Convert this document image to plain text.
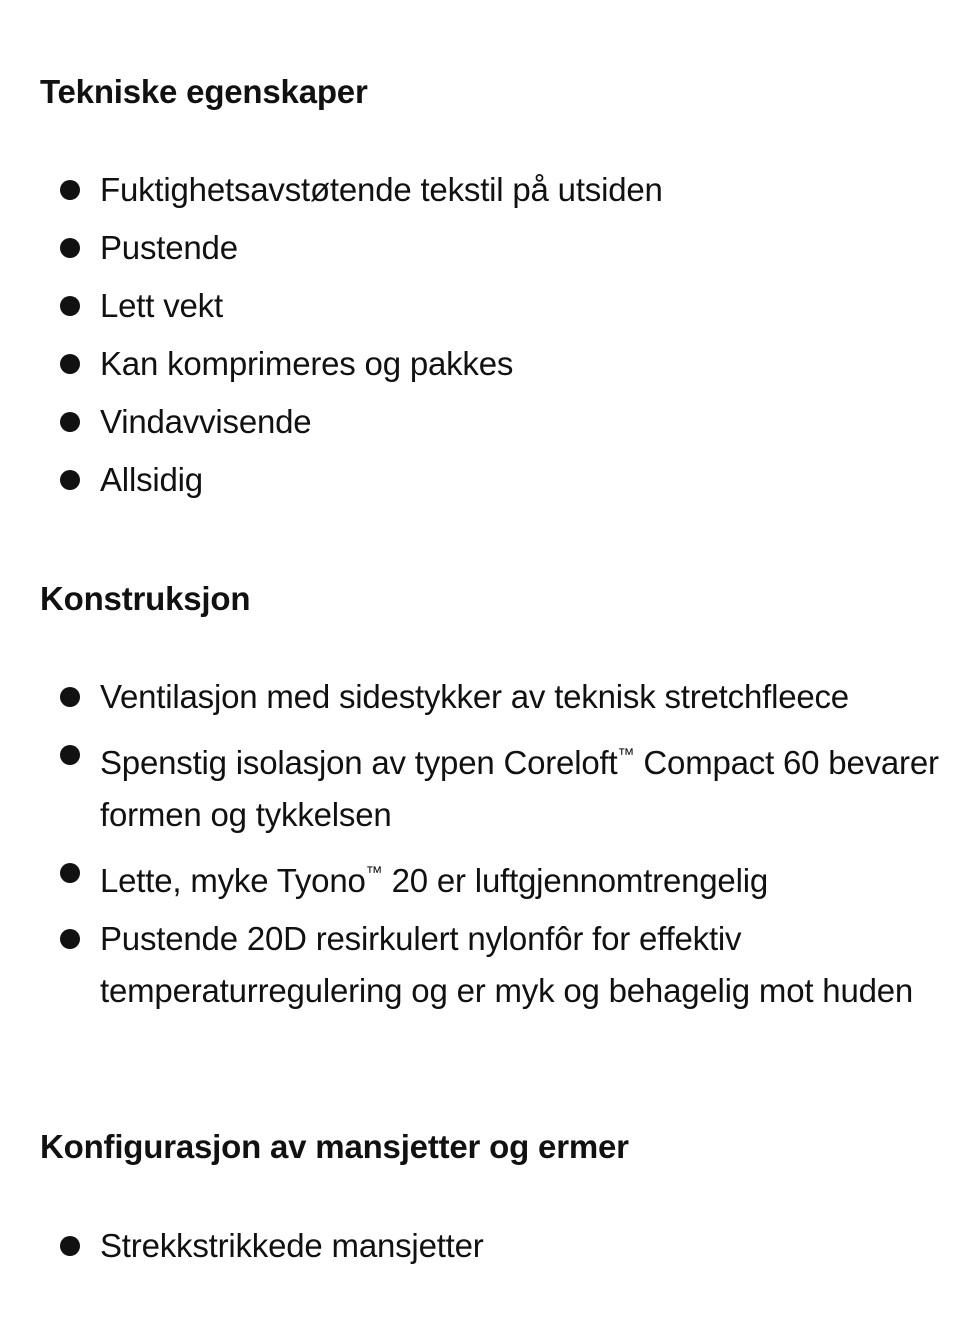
Tekniske egenskaper
Fuktighetsavstøtende tekstil på utsiden
Pustende
Lett vekt
Kan komprimeres og pakkes
Vindavvisende
Allsidig
Konstruksjon
Ventilasjon med sidestykker av teknisk stretchfleece
Spenstig isolasjon av typen Coreloft™ Compact 60 bevarer formen og tykkelsen
Lette, myke Tyono™ 20 er luftgjennomtrengelig
Pustende 20D resirkulert nylonfôr for effektiv temperaturregulering og er myk og behagelig mot huden
Konfigurasjon av mansjetter og ermer
Strekkstrikkede mansjetter
